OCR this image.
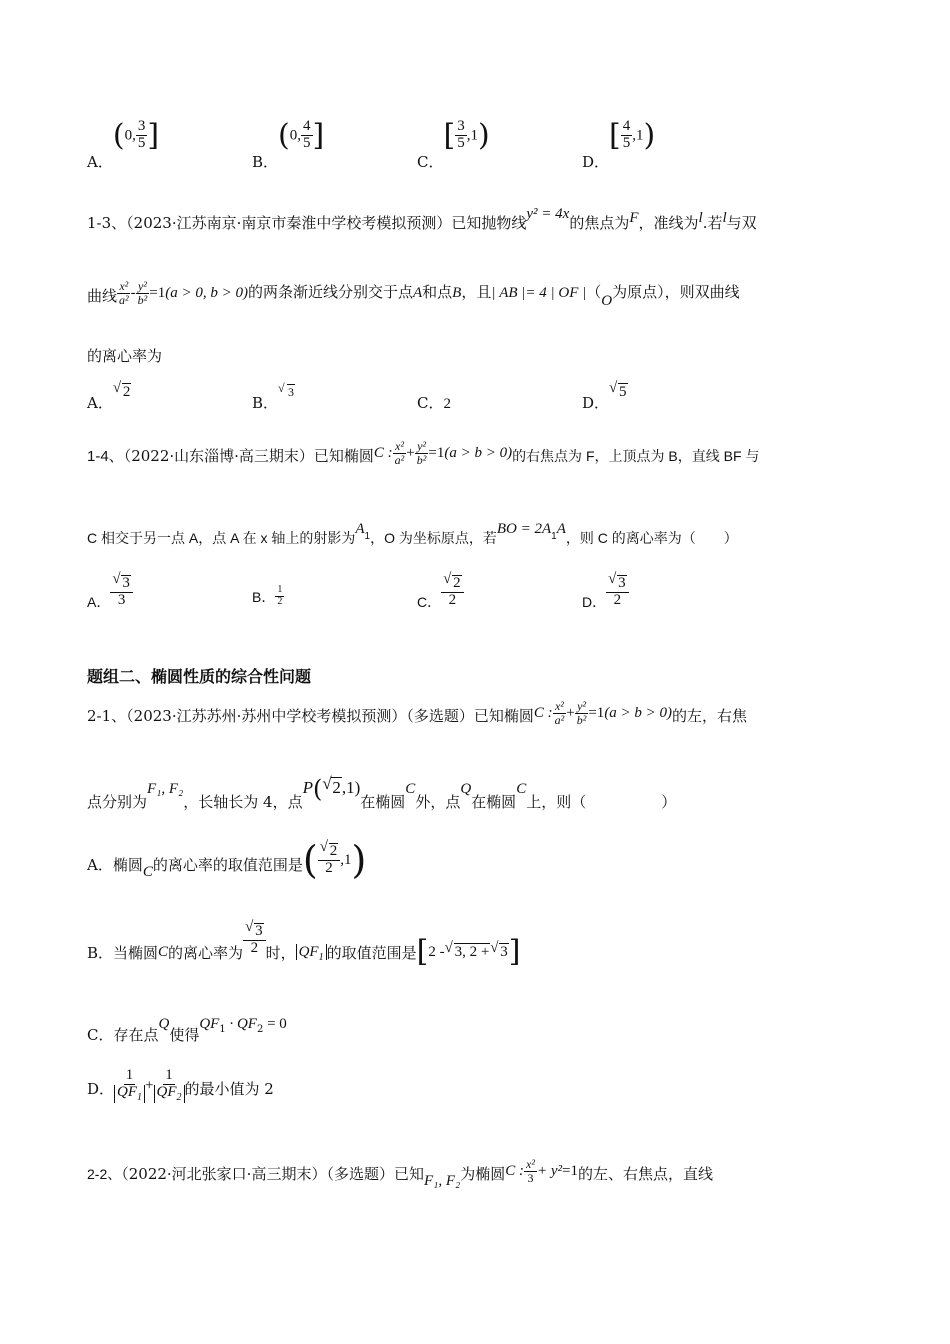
A．(0, $\frac{3}{5}$ ]
B．(0, $\frac{4}{5}$ ]
C．[ $\frac{3}{5} ,1$)
D．[ $\frac{4}{5} ,1$)
1-3、（2023·江苏南京·南京市秦淮中学校考模拟预测）已知抛物线y² = 4x的焦点为F，准线为l.若l与双
曲线 $\frac{\text{x²}}{\text{a²}} - \frac{\text{y²}}{\text{b²}} =1(a > 0$, b > 0)的两条渐近线分别交于点A和点B，且| AB |= 4 | OF |（O为原点），则双曲线
的离心率为
A．√ 2
B．√ 3
C．2	D．√ 5
1-4、（2022·山东淄博·高三期末）已知椭圆C : $\frac{\text{x²}}{\text{a²}} + \frac{\text{y²}}{\text{b²}} =1(a > b > 0)$的右焦点为 F，上顶点为 B，直线 BF 与
C 相交于另一点 A，点 A 在 x 轴上的射影为$A_1$，O 为坐标原点，若BO = $2A_1A$，则 C 的离心率为（　　）
A． √ $\frac{3}{3}$	B． $\frac{1}{2}$	C． √ $\frac{2}{2}$	D． √ $\frac{3}{2}$
题组二、椭圆性质的综合性问题
2-1、（2023·江苏苏州·苏州中学校考模拟预测）（多选题）已知椭圆C : $\frac{\text{x²}}{\text{a²}} + \frac{\text{y²}}{\text{b²}} =1(a > b > 0)$的左，右焦
点分别为F₁, F₂，长轴长为 4，点P( √ 2,1)在椭圆C外，点Q在椭圆C上，则（　　　　　）
A．椭圆C的离心率的取值范围是( √ $\frac{2}{2} ,1$)
B．当椭圆C的离心率为 √ $\frac{3}{2}$ 时， $QF_1$ 的取值范围是[2 - √ 3, 2 + √ 3]
C．存在点Q使得$QF_1 \cdot QF_2 = 0$
D． $\frac{1}{QF_1} + \frac{1}{QF_2}$ 的最小值为 2
2-2、（2022·河北张家口·高三期末）（多选题）已知F₁, F₂为椭圆C : $\frac{\text{x²}}{3} + y^2=1$的左、右焦点，直线
